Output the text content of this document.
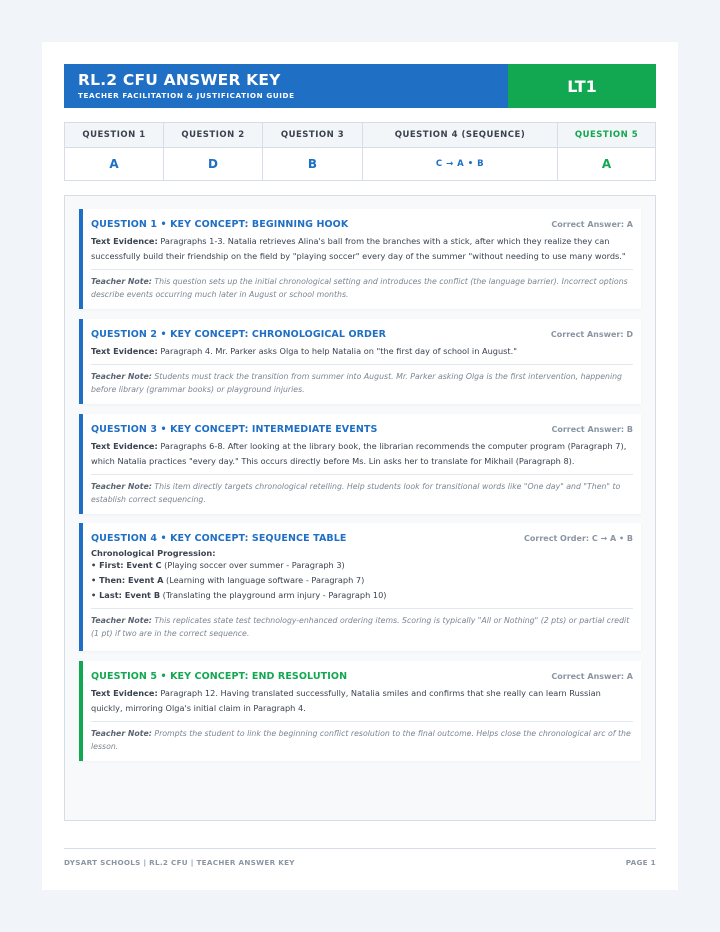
RL.2 CFU ANSWER KEY
TEACHER FACILITATION & JUSTIFICATION GUIDE	LT1
QUESTION 1	QUESTION 2	QUESTION 3	QUESTION 4 (SEQUENCE)	QUESTION 5
A	D	B	C → A • B	A
QUESTION 1 • KEY CONCEPT: BEGINNING HOOK	Correct Answer: A
Text Evidence: Paragraphs 1-3. Natalia retrieves Alina's ball from the branches with a stick, after which they realize they can successfully build their friendship on the field by "playing soccer" every day of the summer "without needing to use many words."
Teacher Note: This question sets up the initial chronological setting and introduces the conflict (the language barrier). Incorrect options describe events occurring much later in August or school months.
QUESTION 2 • KEY CONCEPT: CHRONOLOGICAL ORDER	Correct Answer: D
Text Evidence: Paragraph 4. Mr. Parker asks Olga to help Natalia on "the first day of school in August."
Teacher Note: Students must track the transition from summer into August. Mr. Parker asking Olga is the first intervention, happening before library (grammar books) or playground injuries.
QUESTION 3 • KEY CONCEPT: INTERMEDIATE EVENTS	Correct Answer: B
Text Evidence: Paragraphs 6-8. After looking at the library book, the librarian recommends the computer program (Paragraph 7), which Natalia practices "every day." This occurs directly before Ms. Lin asks her to translate for Mikhail (Paragraph 8).
Teacher Note: This item directly targets chronological retelling. Help students look for transitional words like "One day" and "Then" to establish correct sequencing.
QUESTION 4 • KEY CONCEPT: SEQUENCE TABLE	Correct Order: C → A • B
Chronological Progression:
• First: Event C (Playing soccer over summer - Paragraph 3)
• Then: Event A (Learning with language software - Paragraph 7)
• Last: Event B (Translating the playground arm injury - Paragraph 10)
Teacher Note: This replicates state test technology-enhanced ordering items. Scoring is typically "All or Nothing" (2 pts) or partial credit (1 pt) if two are in the correct sequence.
QUESTION 5 • KEY CONCEPT: END RESOLUTION	Correct Answer: A
Text Evidence: Paragraph 12. Having translated successfully, Natalia smiles and confirms that she really can learn Russian quickly, mirroring Olga's initial claim in Paragraph 4.
Teacher Note: Prompts the student to link the beginning conflict resolution to the final outcome. Helps close the chronological arc of the lesson.
DYSART SCHOOLS | RL.2 CFU | TEACHER ANSWER KEY	PAGE 1
